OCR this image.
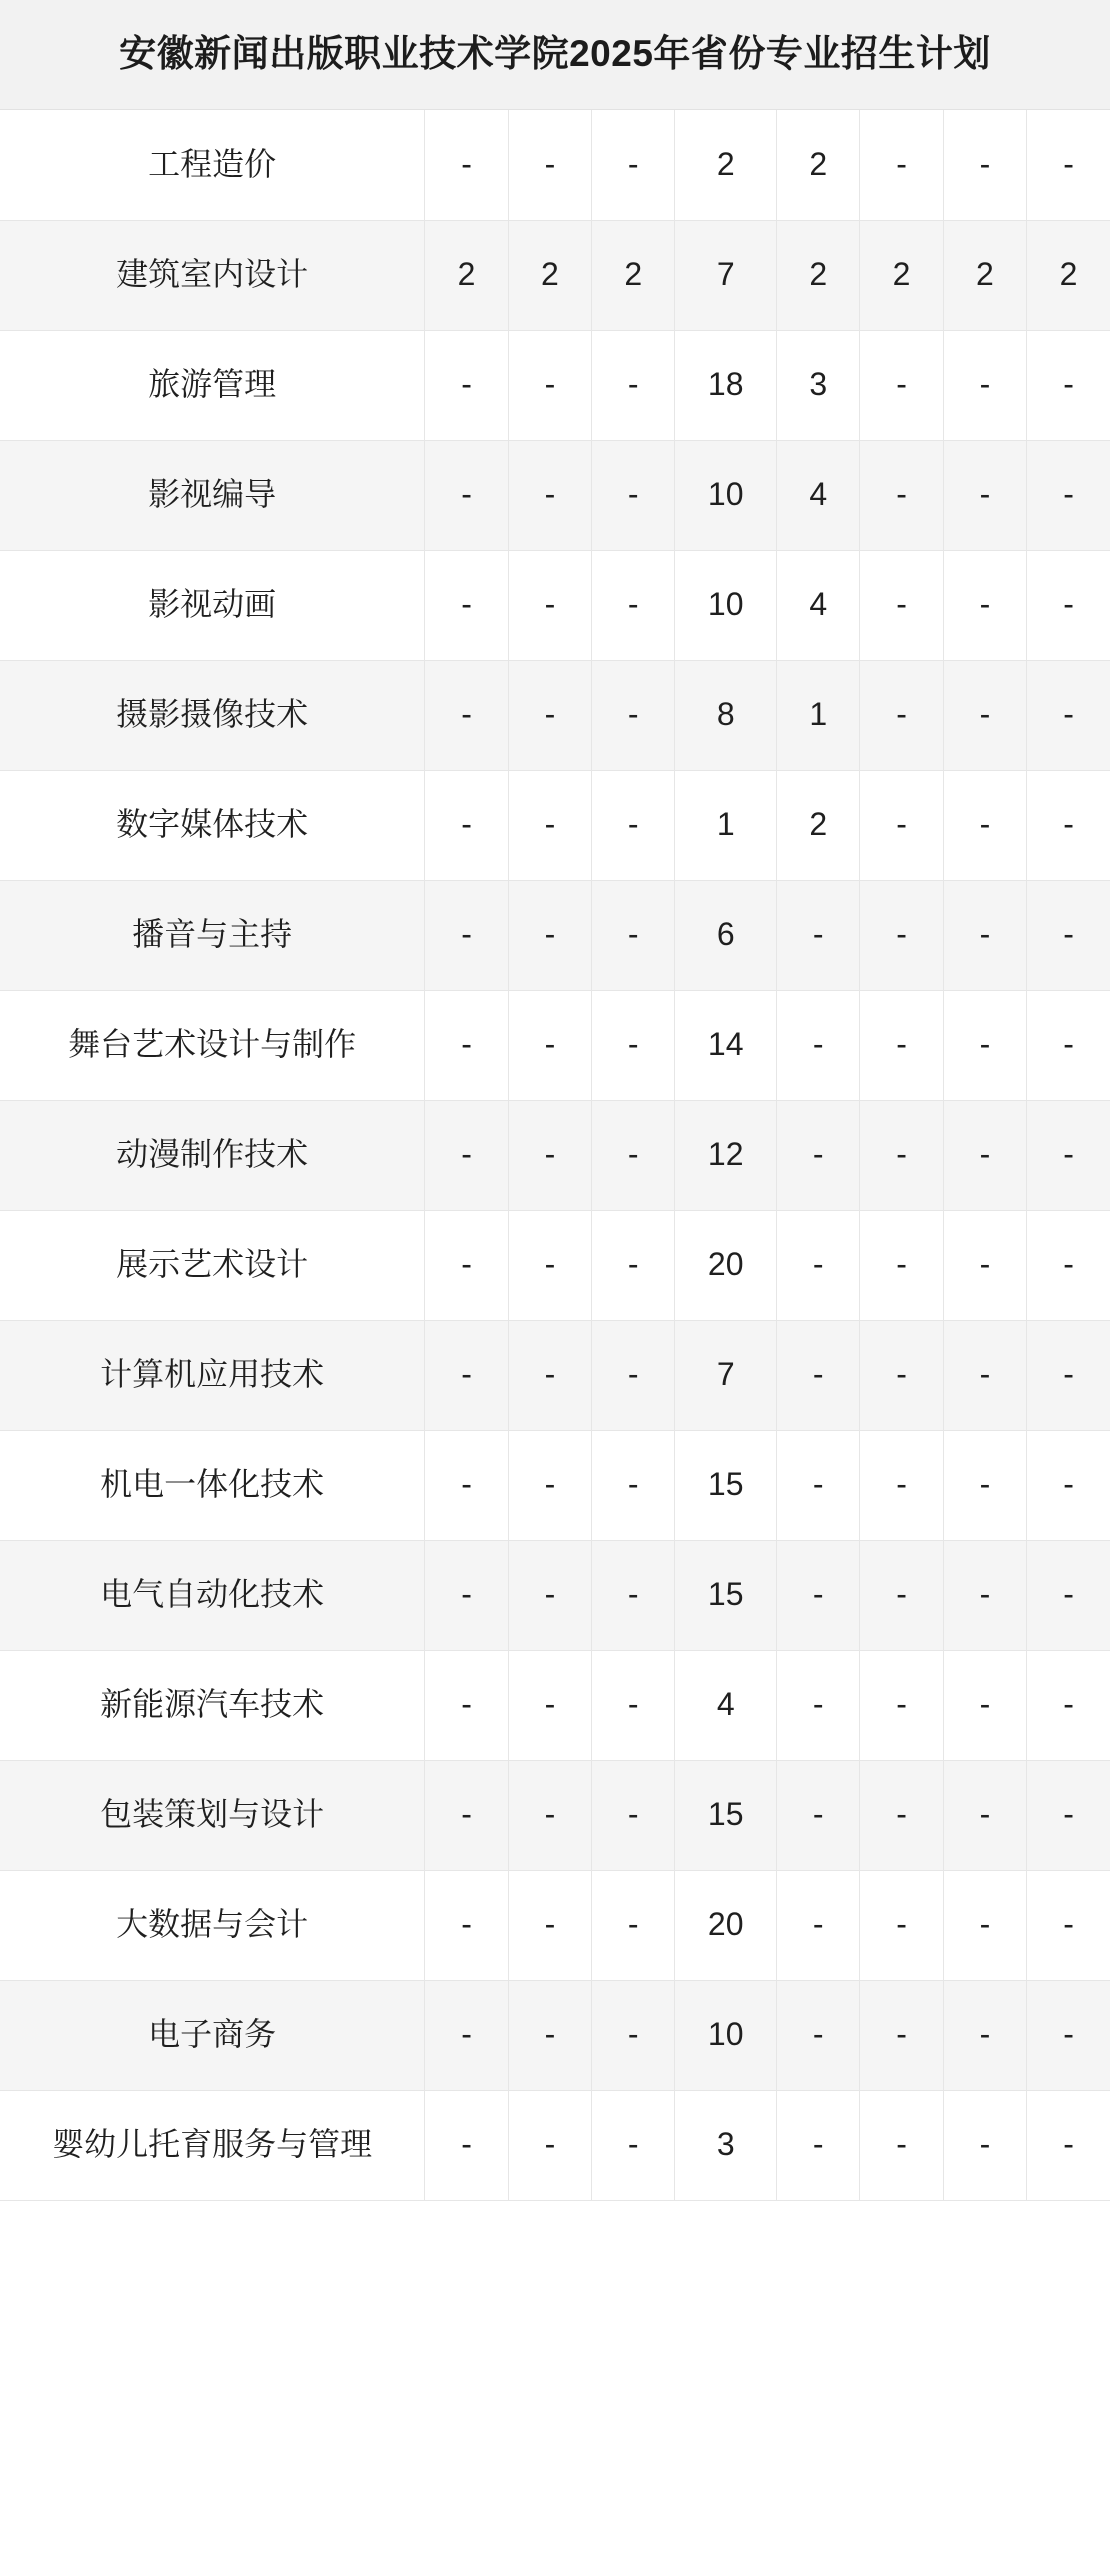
安徽新闻出版职业技术学院2025年省份专业招生计划
工程造价	-	-	-	2	2	-	-	-

建筑室内设计	2	2	2	7	2	2	2	2

旅游管理	-	-	-	18	3	-	-	-

影视编导	-	-	-	10	4	-	-	-

影视动画	-	-	-	10	4	-	-	-

摄影摄像技术	-	-	-	8	1	-	-	-

数字媒体技术	-	-	-	1	2	-	-	-

播音与主持	-	-	-	6	-	-	-	-

舞台艺术设计与制作	-	-	-	14	-	-	-	-

动漫制作技术	-	-	-	12	-	-	-	-

展示艺术设计	-	-	-	20	-	-	-	-

计算机应用技术	-	-	-	7	-	-	-	-

机电一体化技术	-	-	-	15	-	-	-	-

电气自动化技术	-	-	-	15	-	-	-	-

新能源汽车技术	-	-	-	4	-	-	-	-

包装策划与设计	-	-	-	15	-	-	-	-

大数据与会计	-	-	-	20	-	-	-	-

电子商务	-	-	-	10	-	-	-	-

婴幼儿托育服务与管理	-	-	-	3	-	-	-	-
